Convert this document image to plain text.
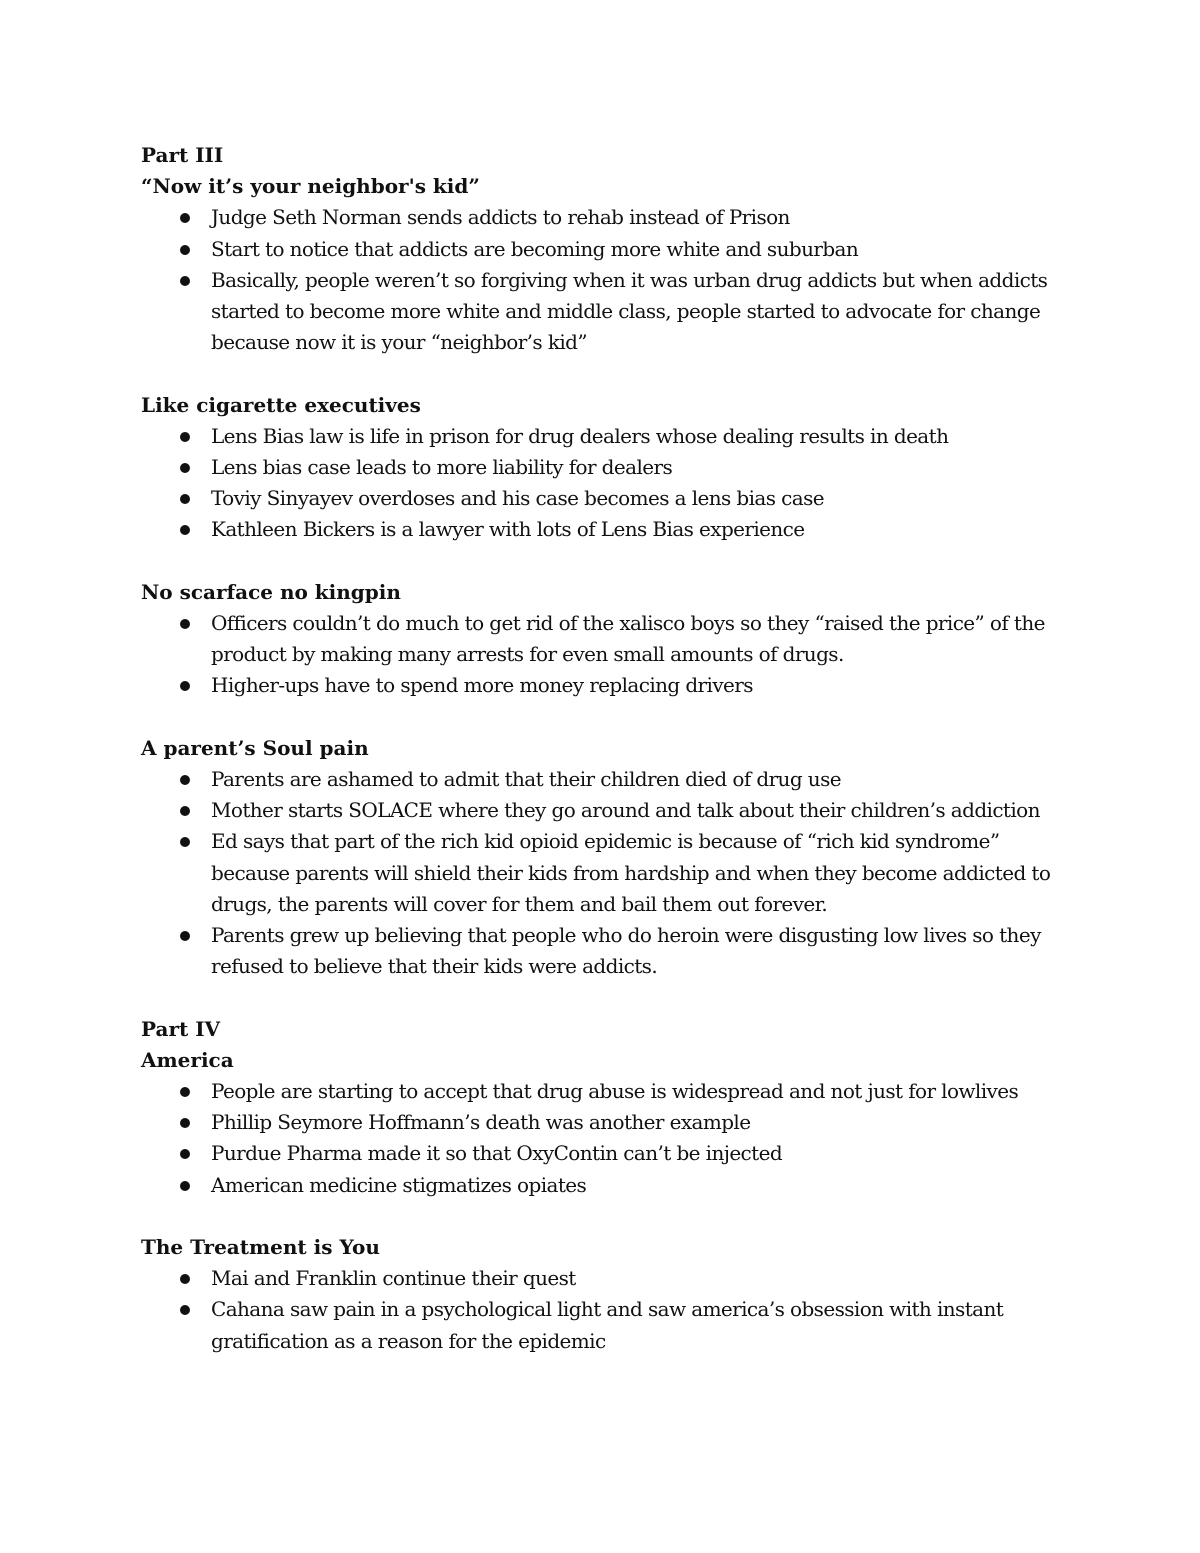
Part III
“Now it’s your neighbor's kid”
Judge Seth Norman sends addicts to rehab instead of Prison
Start to notice that addicts are becoming more white and suburban
Basically, people weren’t so forgiving when it was urban drug addicts but when addicts started to become more white and middle class, people started to advocate for change because now it is your “neighbor’s kid”
Like cigarette executives
Lens Bias law is life in prison for drug dealers whose dealing results in death
Lens bias case leads to more liability for dealers
Toviy Sinyayev overdoses and his case becomes a lens bias case
Kathleen Bickers is a lawyer with lots of Lens Bias experience
No scarface no kingpin
Officers couldn’t do much to get rid of the xalisco boys so they “raised the price” of the product by making many arrests for even small amounts of drugs.
Higher-ups have to spend more money replacing drivers
A parent’s Soul pain
Parents are ashamed to admit that their children died of drug use
Mother starts SOLACE where they go around and talk about their children’s addiction
Ed says that part of the rich kid opioid epidemic is because of “rich kid syndrome” because parents will shield their kids from hardship and when they become addicted to drugs, the parents will cover for them and bail them out forever.
Parents grew up believing that people who do heroin were disgusting low lives so they refused to believe that their kids were addicts.
Part IV
America
People are starting to accept that drug abuse is widespread and not just for lowlives
Phillip Seymore Hoffmann’s death was another example
Purdue Pharma made it so that OxyContin can’t be injected
American medicine stigmatizes opiates
The Treatment is You
Mai and Franklin continue their quest
Cahana saw pain in a psychological light and saw america’s obsession with instant gratification as a reason for the epidemic
